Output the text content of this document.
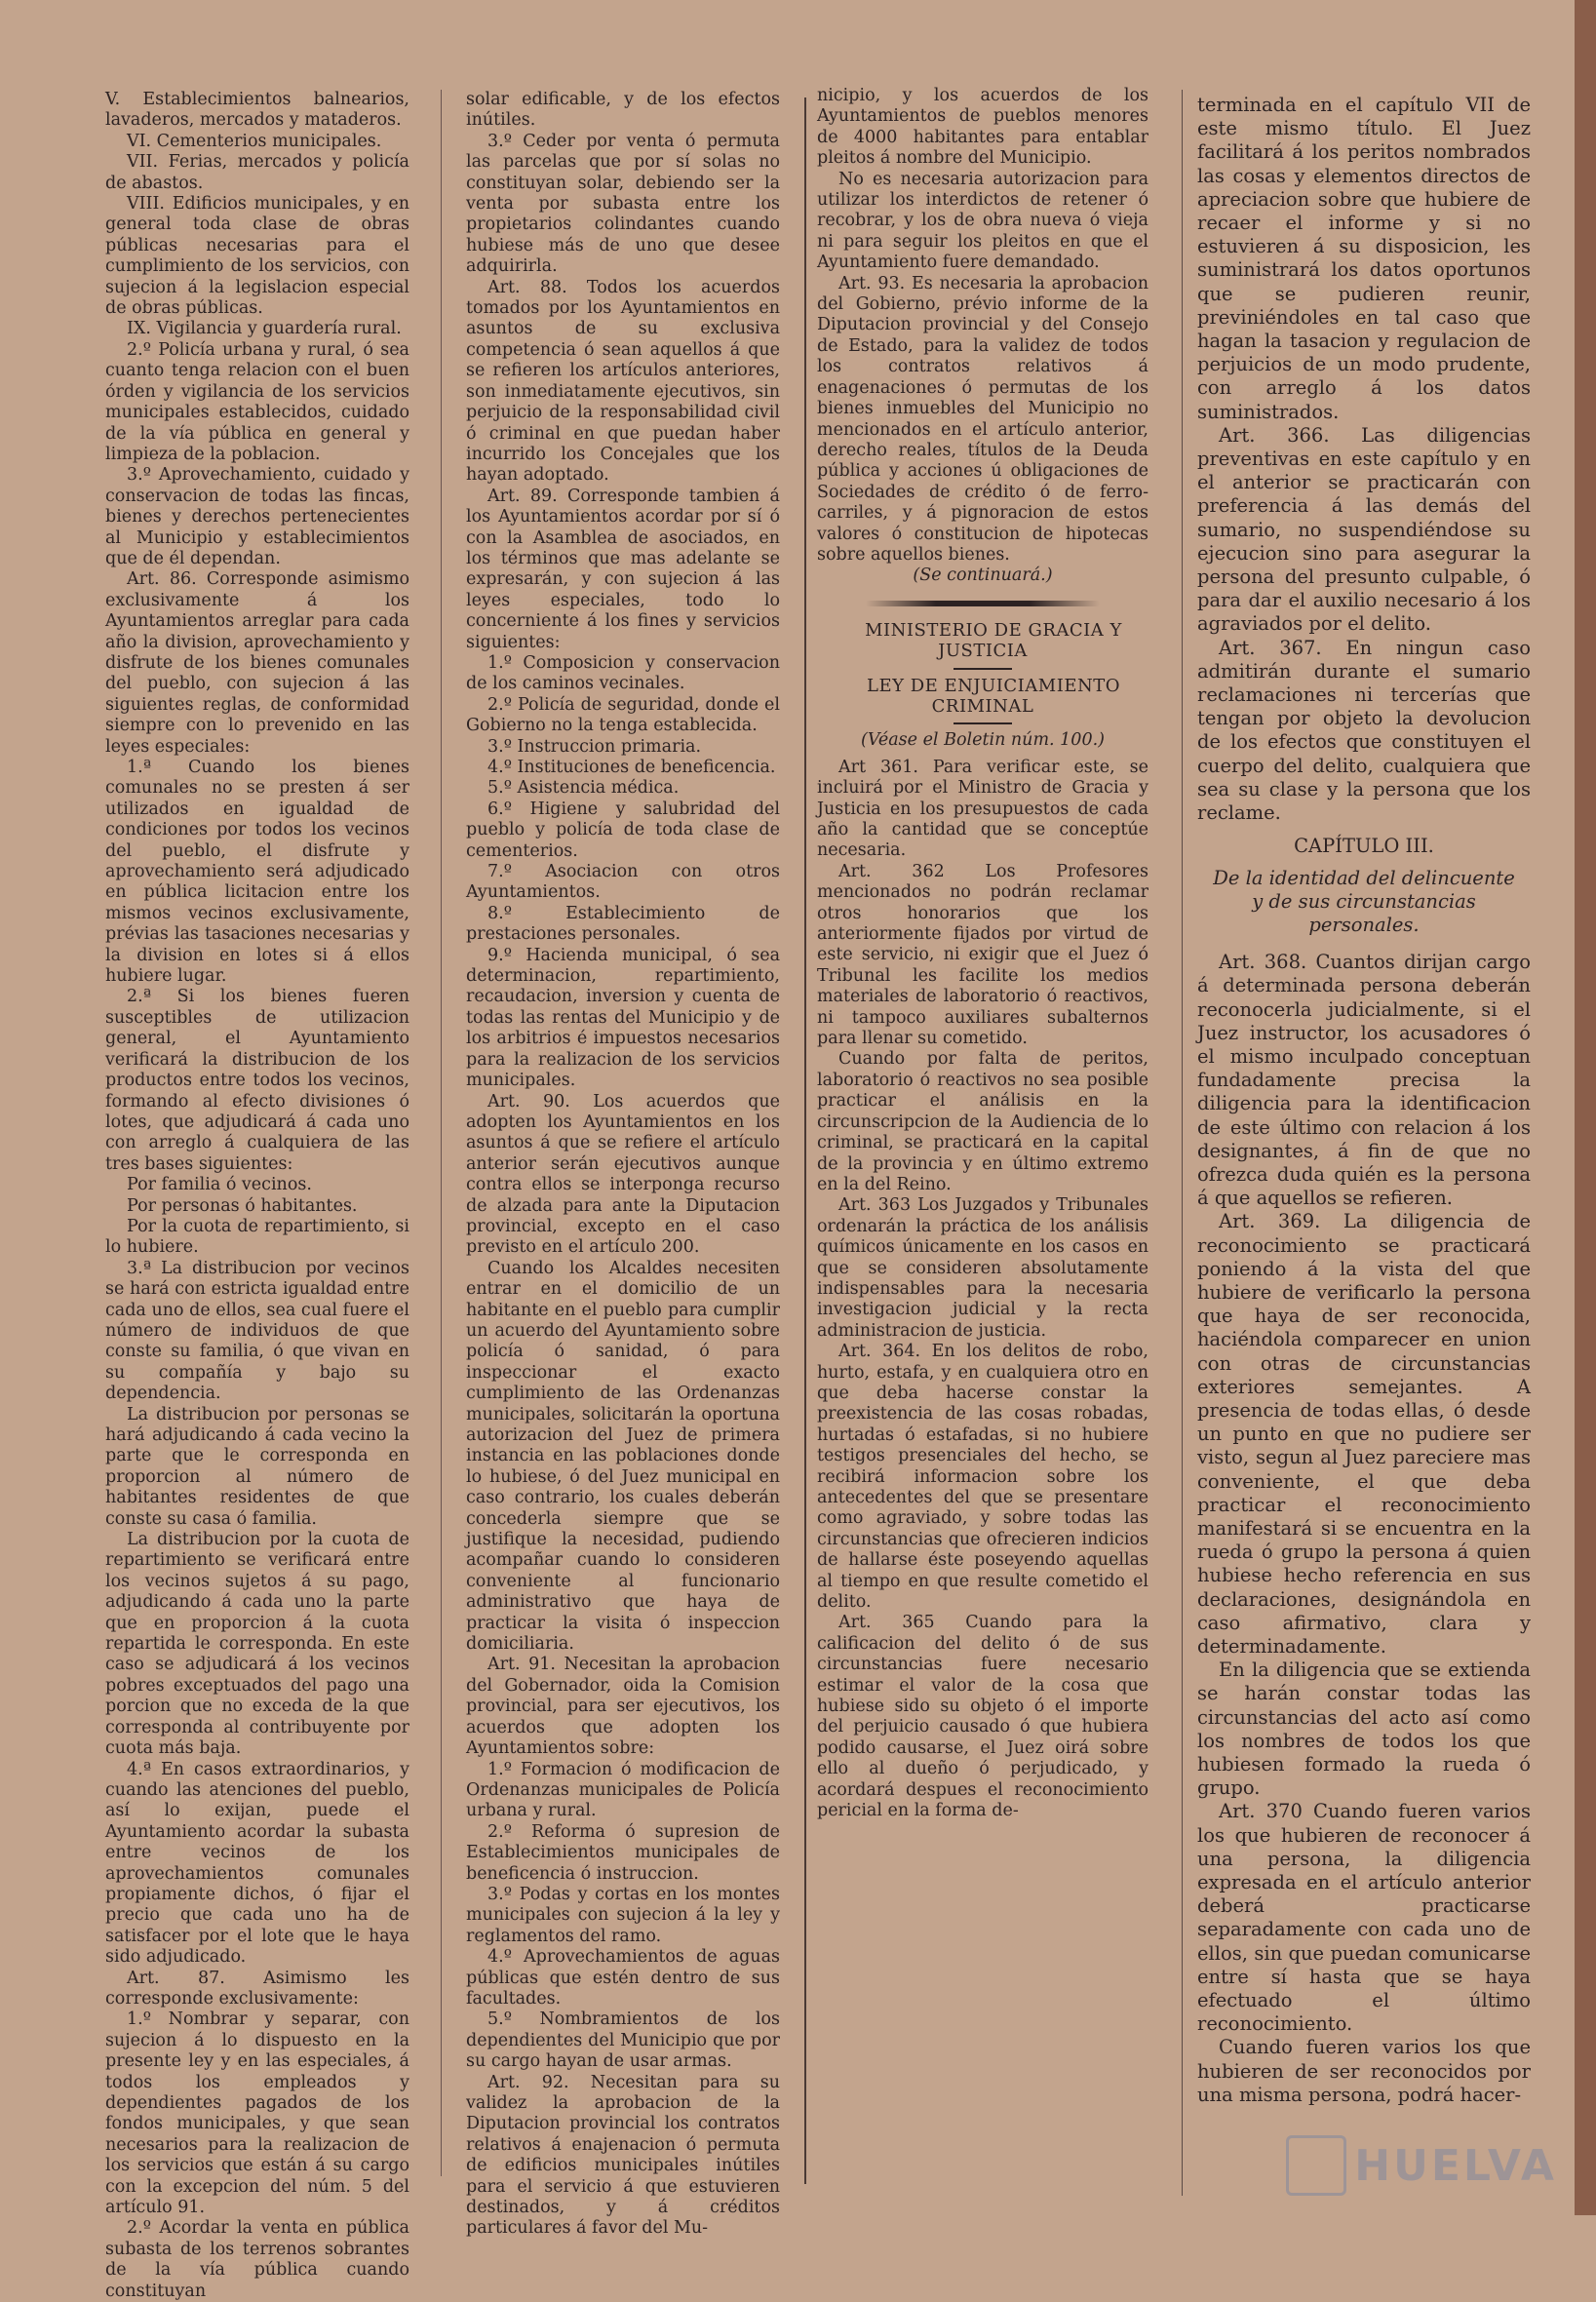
V. Establecimientos balnearios, lavaderos, mercados y mataderos.

VI. Cementerios municipales.

VII. Ferias, mercados y policía de abastos.

VIII. Edificios municipales, y en general toda clase de obras públicas necesarias para el cumplimiento de los servicios, con sujecion á la legislacion especial de obras públicas.

IX. Vigilancia y guardería rural.

2.º Policía urbana y rural, ó sea cuanto tenga relacion con el buen órden y vigilancia de los servicios municipales establecidos, cuidado de la vía pública en general y limpieza de la poblacion.

3.º Aprovechamiento, cuidado y conservacion de todas las fincas, bienes y derechos pertenecientes al Municipio y establecimientos que de él dependan.

Art. 86. Corresponde asimismo exclusivamente á los Ayuntamientos arreglar para cada año la division, aprovechamiento y disfrute de los bienes comunales del pueblo, con sujecion á las siguientes reglas, de conformidad siempre con lo prevenido en las leyes especiales:

1.ª Cuando los bienes comunales no se presten á ser utilizados en igualdad de condiciones por todos los vecinos del pueblo, el disfrute y aprovechamiento será adjudicado en pública licitacion entre los mismos vecinos exclusivamente, prévias las tasaciones necesarias y la division en lotes si á ellos hubiere lugar.

2.ª Si los bienes fueren susceptibles de utilizacion general, el Ayuntamiento verificará la distribucion de los productos entre todos los vecinos, formando al efecto divisiones ó lotes, que adjudicará á cada uno con arreglo á cualquiera de las tres bases siguientes:

Por familia ó vecinos.

Por personas ó habitantes.

Por la cuota de repartimiento, si lo hubiere.

3.ª La distribucion por vecinos se hará con estricta igualdad entre cada uno de ellos, sea cual fuere el número de individuos de que conste su familia, ó que vivan en su compañía y bajo su dependencia.

La distribucion por personas se hará adjudicando á cada vecino la parte que le corresponda en proporcion al número de habitantes residentes de que conste su casa ó familia.

La distribucion por la cuota de repartimiento se verificará entre los vecinos sujetos á su pago, adjudicando á cada uno la parte que en proporcion á la cuota repartida le corresponda. En este caso se adjudicará á los vecinos pobres exceptuados del pago una porcion que no exceda de la que corresponda al contribuyente por cuota más baja.

4.ª En casos extraordinarios, y cuando las atenciones del pueblo, así lo exijan, puede el Ayuntamiento acordar la subasta entre vecinos de los aprovechamientos comunales propiamente dichos, ó fijar el precio que cada uno ha de satisfacer por el lote que le haya sido adjudicado.

Art. 87. Asimismo les corresponde exclusivamente:

1.º Nombrar y separar, con sujecion á lo dispuesto en la presente ley y en las especiales, á todos los empleados y dependientes pagados de los fondos municipales, y que sean necesarios para la realizacion de los servicios que están á su cargo con la excepcion del núm. 5 del artículo 91.

2.º Acordar la venta en pública subasta de los terrenos sobrantes de la vía pública cuando constituyan

solar edificable, y de los efectos inútiles.

3.º Ceder por venta ó permuta las parcelas que por sí solas no constituyan solar, debiendo ser la venta por subasta entre los propietarios colindantes cuando hubiese más de uno que desee adquirirla.

Art. 88. Todos los acuerdos tomados por los Ayuntamientos en asuntos de su exclusiva competencia ó sean aquellos á que se refieren los artículos anteriores, son inmediatamente ejecutivos, sin perjuicio de la responsabilidad civil ó criminal en que puedan haber incurrido los Concejales que los hayan adoptado.

Art. 89. Corresponde tambien á los Ayuntamientos acordar por sí ó con la Asamblea de asociados, en los términos que mas adelante se expresarán, y con sujecion á las leyes especiales, todo lo concerniente á los fines y servicios siguientes:

1.º Composicion y conservacion de los caminos vecinales.

2.º Policía de seguridad, donde el Gobierno no la tenga establecida.

3.º Instruccion primaria.

4.º Instituciones de beneficencia.

5.º Asistencia médica.

6.º Higiene y salubridad del pueblo y policía de toda clase de cementerios.

7.º Asociacion con otros Ayuntamientos.

8.º Establecimiento de prestaciones personales.

9.º Hacienda municipal, ó sea determinacion, repartimiento, recaudacion, inversion y cuenta de todas las rentas del Municipio y de los arbitrios é impuestos necesarios para la realizacion de los servicios municipales.

Art. 90. Los acuerdos que adopten los Ayuntamientos en los asuntos á que se refiere el artículo anterior serán ejecutivos aunque contra ellos se interponga recurso de alzada para ante la Diputacion provincial, excepto en el caso previsto en el artículo 200.

Cuando los Alcaldes necesiten entrar en el domicilio de un habitante en el pueblo para cumplir un acuerdo del Ayuntamiento sobre policía ó sanidad, ó para inspeccionar el exacto cumplimiento de las Ordenanzas municipales, solicitarán la oportuna autorizacion del Juez de primera instancia en las poblaciones donde lo hubiese, ó del Juez municipal en caso contrario, los cuales deberán concederla siempre que se justifique la necesidad, pudiendo acompañar cuando lo consideren conveniente al funcionario administrativo que haya de practicar la visita ó inspeccion domiciliaria.

Art. 91. Necesitan la aprobacion del Gobernador, oida la Comision provincial, para ser ejecutivos, los acuerdos que adopten los Ayuntamientos sobre:

1.º Formacion ó modificacion de Ordenanzas municipales de Policía urbana y rural.

2.º Reforma ó supresion de Establecimientos municipales de beneficencia ó instruccion.

3.º Podas y cortas en los montes municipales con sujecion á la ley y reglamentos del ramo.

4.º Aprovechamientos de aguas públicas que estén dentro de sus facultades.

5.º Nombramientos de los dependientes del Municipio que por su cargo hayan de usar armas.

Art. 92. Necesitan para su validez la aprobacion de la Diputacion provincial los contratos relativos á enajenacion ó permuta de edificios municipales inútiles para el servicio á que estuvieren destinados, y á créditos particulares á favor del Mu-

nicipio, y los acuerdos de los Ayuntamientos de pueblos menores de 4000 habitantes para entablar pleitos á nombre del Municipio.

No es necesaria autorizacion para utilizar los interdictos de retener ó recobrar, y los de obra nueva ó vieja ni para seguir los pleitos en que el Ayuntamiento fuere demandado.

Art. 93. Es necesaria la aprobacion del Gobierno, prévio informe de la Diputacion provincial y del Consejo de Estado, para la validez de todos los contratos relativos á enagenaciones ó permutas de los bienes inmuebles del Municipio no mencionados en el artículo anterior, derecho reales, títulos de la Deuda pública y acciones ú obligaciones de Sociedades de crédito ó de ferro-carriles, y á pignoracion de estos valores ó constitucion de hipotecas sobre aquellos bienes.

(Se continuará.)

MINISTERIO DE GRACIA Y JUSTICIA

LEY DE ENJUICIAMIENTO CRIMINAL

(Véase el Boletin núm. 100.)

Art 361. Para verificar este, se incluirá por el Ministro de Gracia y Justicia en los presupuestos de cada año la cantidad que se conceptúe necesaria.

Art. 362 Los Profesores mencionados no podrán reclamar otros honorarios que los anteriormente fijados por virtud de este servicio, ni exigir que el Juez ó Tribunal les facilite los medios materiales de laboratorio ó reactivos, ni tampoco auxiliares subalternos para llenar su cometido.

Cuando por falta de peritos, laboratorio ó reactivos no sea posible practicar el análisis en la circunscripcion de la Audiencia de lo criminal, se practicará en la capital de la provincia y en último extremo en la del Reino.

Art. 363 Los Juzgados y Tribunales ordenarán la práctica de los análisis químicos únicamente en los casos en que se consideren absolutamente indispensables para la necesaria investigacion judicial y la recta administracion de justicia.

Art. 364. En los delitos de robo, hurto, estafa, y en cualquiera otro en que deba hacerse constar la preexistencia de las cosas robadas, hurtadas ó estafadas, si no hubiere testigos presenciales del hecho, se recibirá informacion sobre los antecedentes del que se presentare como agraviado, y sobre todas las circunstancias que ofrecieren indicios de hallarse éste poseyendo aquellas al tiempo en que resulte cometido el delito.

Art. 365 Cuando para la calificacion del delito ó de sus circunstancias fuere necesario estimar el valor de la cosa que hubiese sido su objeto ó el importe del perjuicio causado ó que hubiera podido causarse, el Juez oirá sobre ello al dueño ó perjudicado, y acordará despues el reconocimiento pericial en la forma de-

terminada en el capítulo VII de este mismo título. El Juez facilitará á los peritos nombrados las cosas y elementos directos de apreciacion sobre que hubiere de recaer el informe y si no estuvieren á su disposicion, les suministrará los datos oportunos que se pudieren reunir, previniéndoles en tal caso que hagan la tasacion y regulacion de perjuicios de un modo prudente, con arreglo á los datos suministrados.

Art. 366. Las diligencias preventivas en este capítulo y en el anterior se practicarán con preferencia á las demás del sumario, no suspendiéndose su ejecucion sino para asegurar la persona del presunto culpable, ó para dar el auxilio necesario á los agraviados por el delito.

Art. 367. En ningun caso admitirán durante el sumario reclamaciones ni tercerías que tengan por objeto la devolucion de los efectos que constituyen el cuerpo del delito, cualquiera que sea su clase y la persona que los reclame.

CAPÍTULO III.

De la identidad del delincuente y de sus circunstancias personales.

Art. 368. Cuantos dirijan cargo á determinada persona deberán reconocerla judicialmente, si el Juez instructor, los acusadores ó el mismo inculpado conceptuan fundadamente precisa la diligencia para la identificacion de este último con relacion á los designantes, á fin de que no ofrezca duda quién es la persona á que aquellos se refieren.

Art. 369. La diligencia de reconocimiento se practicará poniendo á la vista del que hubiere de verificarlo la persona que haya de ser reconocida, haciéndola comparecer en union con otras de circunstancias exteriores semejantes. A presencia de todas ellas, ó desde un punto en que no pudiere ser visto, segun al Juez pareciere mas conveniente, el que deba practicar el reconocimiento manifestará si se encuentra en la rueda ó grupo la persona á quien hubiese hecho referencia en sus declaraciones, designándola en caso afirmativo, clara y determinadamente.

En la diligencia que se extienda se harán constar todas las circunstancias del acto así como los nombres de todos los que hubiesen formado la rueda ó grupo.

Art. 370 Cuando fueren varios los que hubieren de reconocer á una persona, la diligencia expresada en el artículo anterior deberá practicarse separadamente con cada uno de ellos, sin que puedan comunicarse entre sí hasta que se haya efectuado el último reconocimiento.

Cuando fueren varios los que hubieren de ser reconocidos por una misma persona, podrá hacer-

HUELVA
